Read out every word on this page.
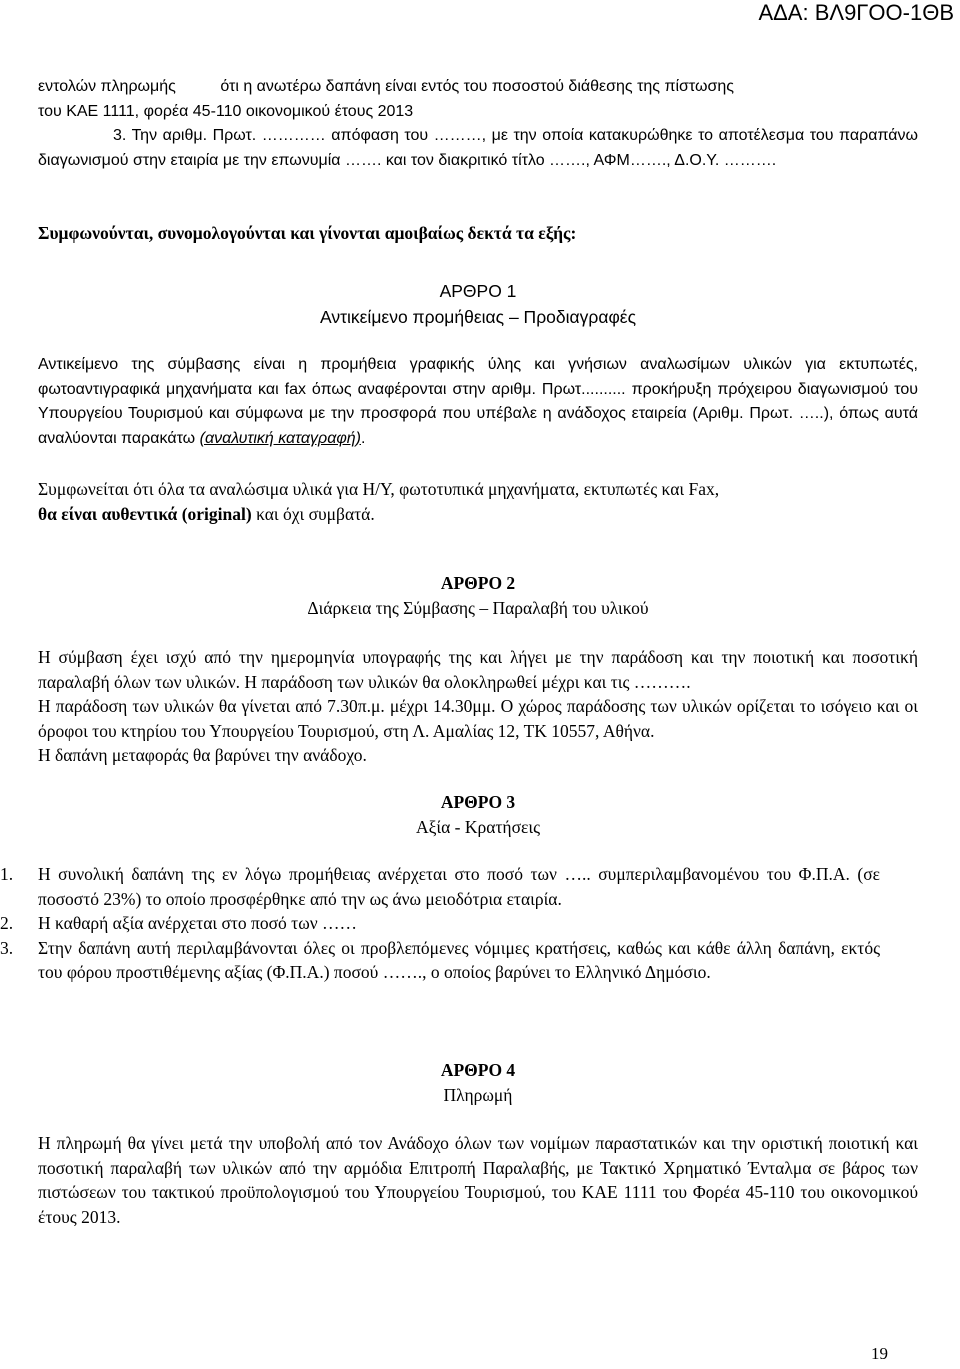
ΑΔΑ: ΒΛ9ΓΟΟ-1ΘΒ
εντολών πληρωμής          ότι η ανωτέρω δαπάνη είναι εντός του ποσοστού διάθεσης της πίστωσης
του ΚΑΕ 1111, φορέα 45-110 οικονομικού έτους 2013

3. Την αριθμ. Πρωτ. ………… απόφαση του ………, με την οποία κατακυρώθηκε το αποτέλεσμα του παραπάνω διαγωνισμού στην εταιρία με την επωνυμία ……. και τον διακριτικό τίτλο ……., ΑΦΜ……., Δ.Ο.Υ. ……….

Συμφωνούνται, συνομολογούνται και γίνονται αμοιβαίως δεκτά τα εξής:
ΑΡΘΡΟ 1
Αντικείμενο προμήθειας – Προδιαγραφές

Αντικείμενο της σύμβασης είναι η προμήθεια γραφικής ύλης και γνήσιων αναλωσίμων υλικών για εκτυπωτές, φωτοαντιγραφικά μηχανήματα και fax όπως αναφέρονται στην αριθμ. Πρωτ.......... προκήρυξη πρόχειρου διαγωνισμού του Υπουργείου Τουρισμού και σύμφωνα με την προσφορά που υπέβαλε η ανάδοχος εταιρεία (Αριθμ. Πρωτ. …..), όπως αυτά αναλύονται παρακάτω (αναλυτική καταγραφή).

Συμφωνείται ότι όλα τα αναλώσιμα υλικά για Η/Υ, φωτοτυπικά μηχανήματα, εκτυπωτές και Fax,
θα είναι αυθεντικά (original) και όχι συμβατά.

ΑΡΘΡΟ 2
Διάρκεια της Σύμβασης – Παραλαβή του υλικού

Η σύμβαση έχει ισχύ από την ημερομηνία υπογραφής της και λήγει με την παράδοση και την ποιοτική και ποσοτική παραλαβή όλων των υλικών. Η παράδοση των υλικών θα ολοκληρωθεί μέχρι και τις ……….

Η παράδοση των υλικών θα γίνεται από 7.30π.μ. μέχρι 14.30μμ. Ο χώρος παράδοσης των υλικών ορίζεται το ισόγειο και οι όροφοι του κτηρίου του Υπουργείου Τουρισμού, στη Λ. Αμαλίας 12, ΤΚ 10557, Αθήνα.

Η δαπάνη μεταφοράς θα βαρύνει την ανάδοχο.

ΑΡΘΡΟ 3
Αξία - Κρατήσεις
1.	Η συνολική δαπάνη της εν λόγω προμήθειας ανέρχεται στο ποσό των ….. συμπεριλαμβανομένου του Φ.Π.Α. (σε ποσοστό 23%) το οποίο προσφέρθηκε από την ως άνω μειοδότρια εταιρία.
2.	Η καθαρή αξία ανέρχεται στο ποσό των ……
3.	Στην δαπάνη αυτή περιλαμβάνονται όλες οι προβλεπόμενες νόμιμες κρατήσεις, καθώς και κάθε άλλη δαπάνη, εκτός του φόρου προστιθέμενης αξίας (Φ.Π.Α.) ποσού ……., ο οποίος βαρύνει το Ελληνικό Δημόσιο.
ΑΡΘΡΟ 4
Πληρωμή

Η πληρωμή θα γίνει μετά την υποβολή από τον Ανάδοχο όλων των νομίμων παραστατικών και την οριστική ποιοτική και ποσοτική παραλαβή των υλικών από την αρμόδια Επιτροπή Παραλαβής, με Τακτικό Χρηματικό Ένταλμα σε βάρος των πιστώσεων του τακτικού προϋπολογισμού του Υπουργείου Τουρισμού, του ΚΑΕ 1111 του Φορέα 45-110 του οικονομικού έτους 2013.

19
